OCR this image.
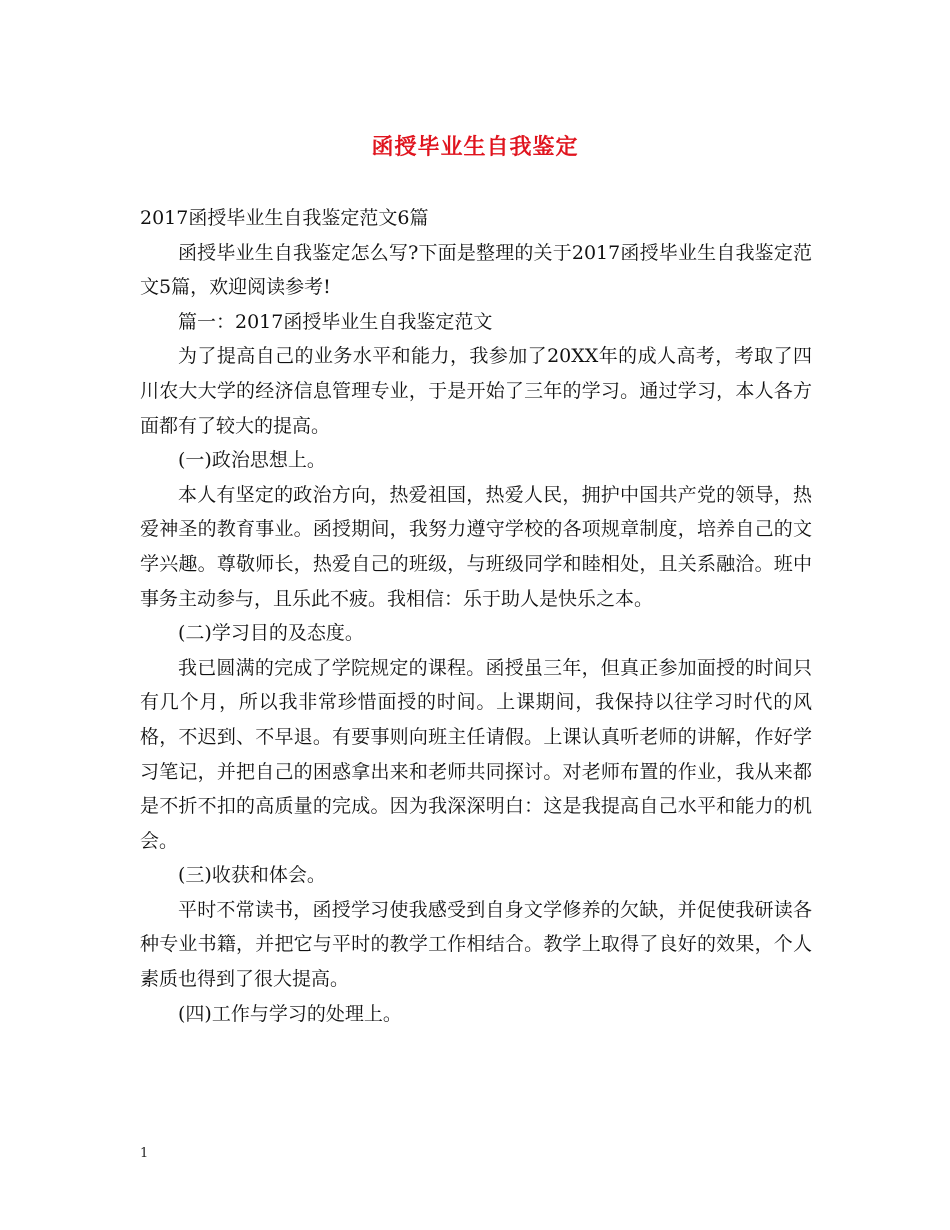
函授毕业生自我鉴定

2017函授毕业生自我鉴定范文6篇

函授毕业生自我鉴定怎么写?下面是整理的关于2017函授毕业生自我鉴定范文5篇，欢迎阅读参考!

篇一：2017函授毕业生自我鉴定范文

为了提高自己的业务水平和能力，我参加了20XX年的成人高考，考取了四川农大大学的经济信息管理专业，于是开始了三年的学习。通过学习，本人各方面都有了较大的提高。

(一)政治思想上。

本人有坚定的政治方向，热爱祖国，热爱人民，拥护中国共产党的领导，热爱神圣的教育事业。函授期间，我努力遵守学校的各项规章制度，培养自己的文学兴趣。尊敬师长，热爱自己的班级，与班级同学和睦相处，且关系融洽。班中事务主动参与，且乐此不疲。我相信：乐于助人是快乐之本。

(二)学习目的及态度。

我已圆满的完成了学院规定的课程。函授虽三年，但真正参加面授的时间只有几个月，所以我非常珍惜面授的时间。上课期间，我保持以往学习时代的风格，不迟到、不早退。有要事则向班主任请假。上课认真听老师的讲解，作好学习笔记，并把自己的困惑拿出来和老师共同探讨。对老师布置的作业，我从来都是不折不扣的高质量的完成。因为我深深明白：这是我提高自己水平和能力的机会。

(三)收获和体会。

平时不常读书，函授学习使我感受到自身文学修养的欠缺，并促使我研读各种专业书籍，并把它与平时的教学工作相结合。教学上取得了良好的效果，个人素质也得到了很大提高。

(四)工作与学习的处理上。

1
